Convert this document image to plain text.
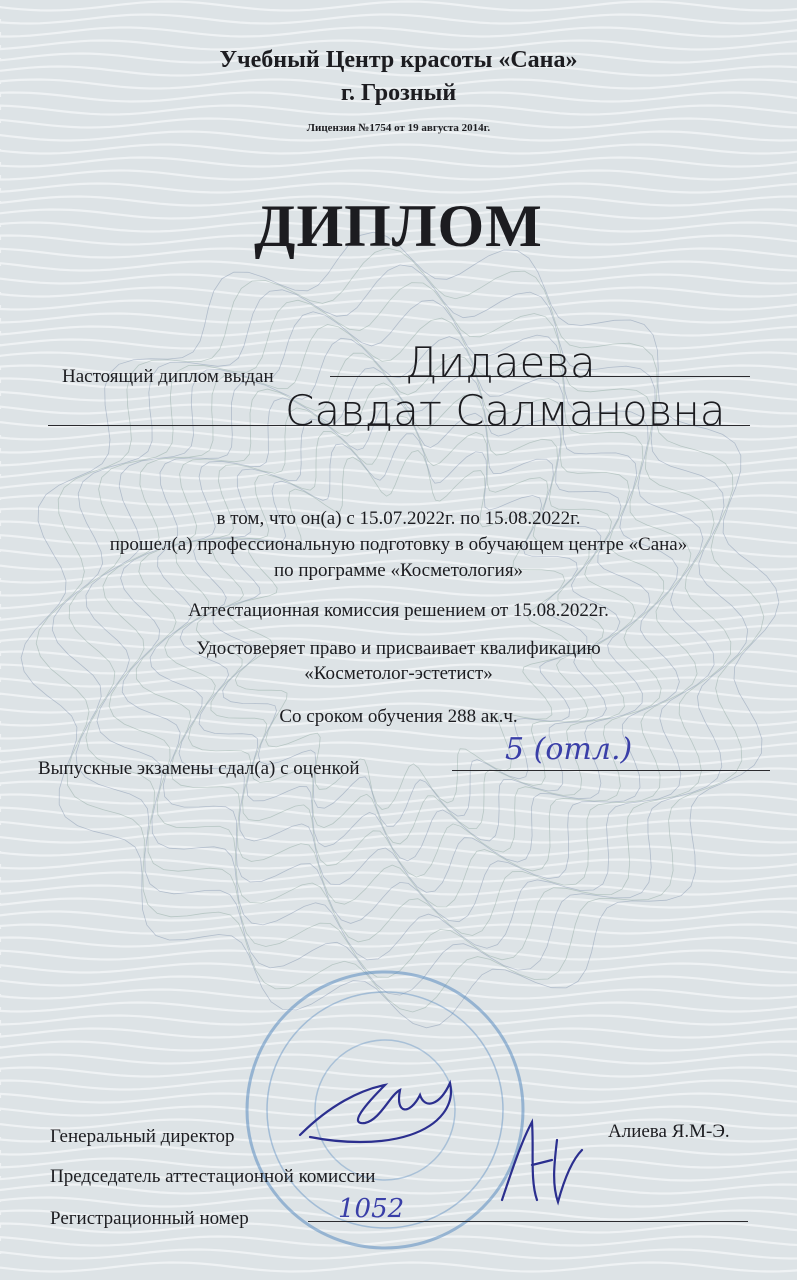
Учебный Центр красоты «Сана»
г. Грозный
Лицензия №1754 от 19 августа 2014г.
ДИПЛОМ
Настоящий диплом выдан	Дидаева
Савдат Салмановна
в том, что он(а) с 15.07.2022г. по 15.08.2022г.
прошел(а) профессиональную подготовку в обучающем центре «Сана»
по программе «Косметология»
Аттестационная комиссия решением от 15.08.2022г.
Удостоверяет право и присваивает квалификацию
«Косметолог-эстетист»
Со сроком обучения 288 ак.ч.
Выпускные экзамены сдал(а) с оценкой
5 (отл.)
Генеральный директор	Алиева Я.М-Э.
Председатель аттестационной комиссии
Регистрационный номер	1052
